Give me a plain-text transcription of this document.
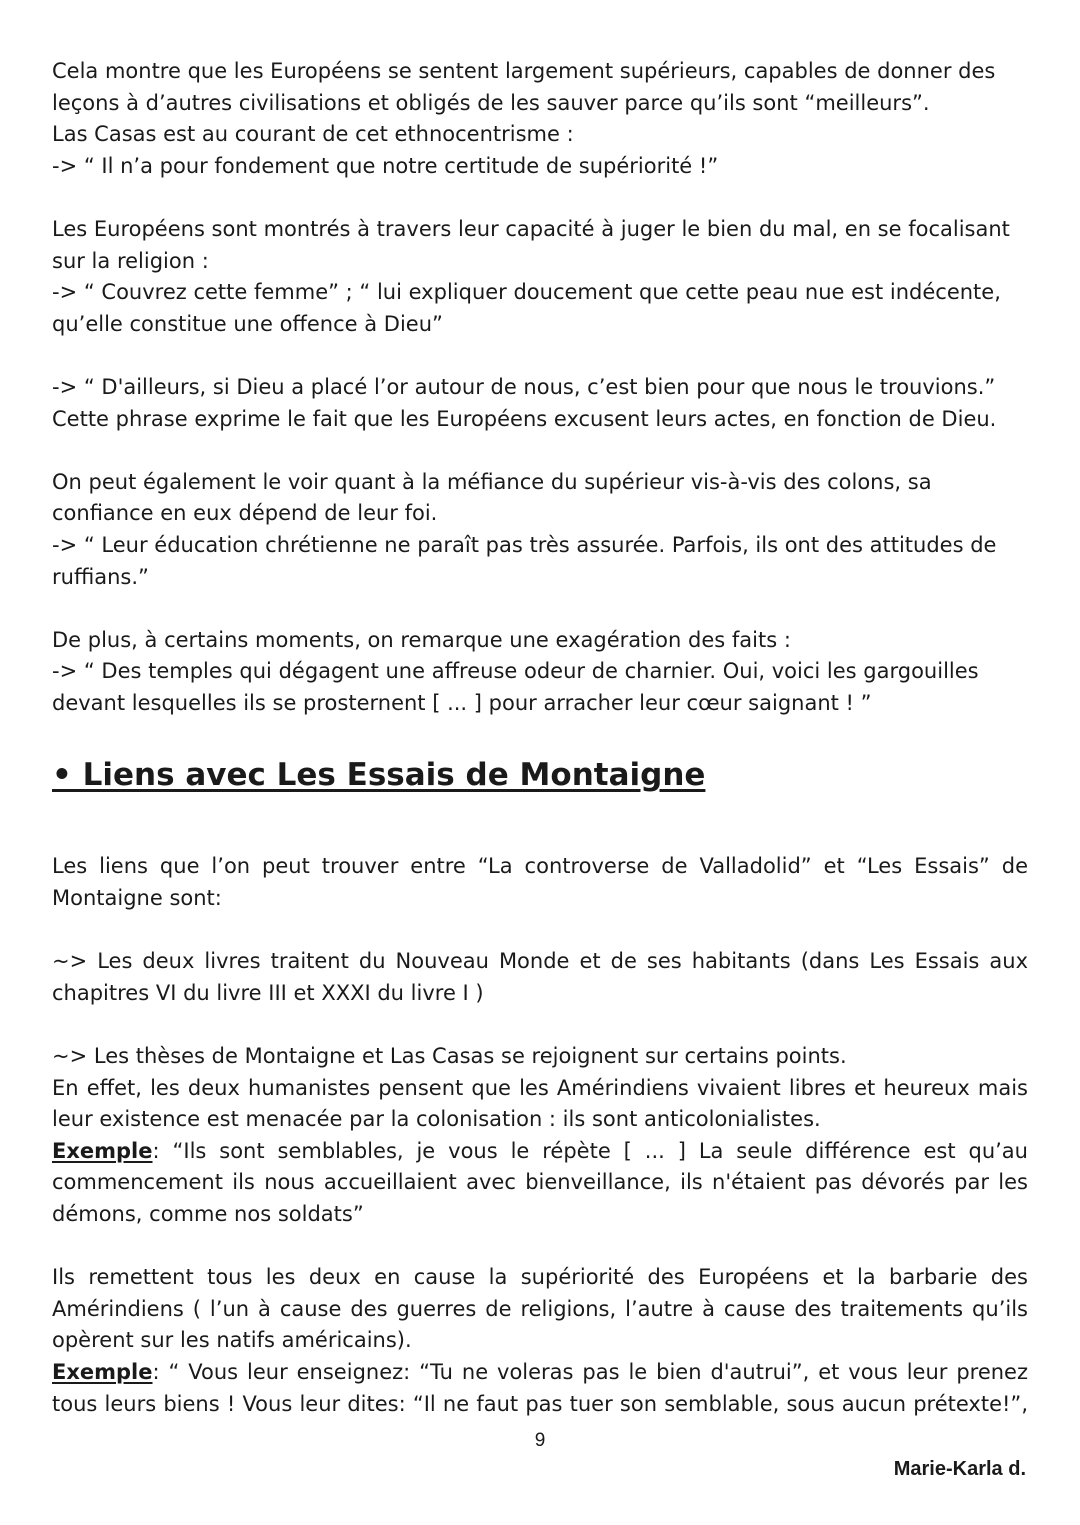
Cela montre que les Européens se sentent largement supérieurs, capables de donner des
leçons à d’autres civilisations et obligés de les sauver parce qu’ils sont “meilleurs”.
Las Casas est au courant de cet ethnocentrisme :
-> “ Il n’a pour fondement que notre certitude de supériorité !”
Les Européens sont montrés à travers leur capacité à juger le bien du mal, en se focalisant
sur la religion :
-> “ Couvrez cette femme” ; “ lui expliquer doucement que cette peau nue est indécente,
qu’elle constitue une offence à Dieu”
-> “ D'ailleurs, si Dieu a placé l’or autour de nous, c’est bien pour que nous le trouvions.”
Cette phrase exprime le fait que les Européens excusent leurs actes, en fonction de Dieu.
On peut également le voir quant à la méfiance du supérieur vis-à-vis des colons, sa
confiance en eux dépend de leur foi.
-> “ Leur éducation chrétienne ne paraît pas très assurée. Parfois, ils ont des attitudes de
ruffians.”
De plus, à certains moments, on remarque une exagération des faits :
-> “ Des temples qui dégagent une affreuse odeur de charnier. Oui, voici les gargouilles
devant lesquelles ils se prosternent [ ... ] pour arracher leur cœur saignant ! ”
• Liens avec Les Essais de Montaigne
Les liens que l’on peut trouver entre “La controverse de Valladolid” et “Les Essais” de
Montaigne sont:
~> Les deux livres traitent du Nouveau Monde et de ses habitants (dans Les Essais aux
chapitres VI du livre III et XXXI du livre I )
~> Les thèses de Montaigne et Las Casas se rejoignent sur certains points.
En effet, les deux humanistes pensent que les Amérindiens vivaient libres et heureux mais
leur existence est menacée par la colonisation : ils sont anticolonialistes.
Exemple: “Ils sont semblables, je vous le répète [ ... ] La seule différence est qu’au
commencement ils nous accueillaient avec bienveillance, ils n'étaient pas dévorés par les
démons, comme nos soldats”
Ils remettent tous les deux en cause la supériorité des Européens et la barbarie des
Amérindiens ( l’un à cause des guerres de religions, l’autre à cause des traitements qu’ils
opèrent sur les natifs américains).
Exemple: “ Vous leur enseignez: “Tu ne voleras pas le bien d'autrui”, et vous leur prenez
tous leurs biens ! Vous leur dites: “Il ne faut pas tuer son semblable, sous aucun prétexte!”,
9
Marie-Karla d.
